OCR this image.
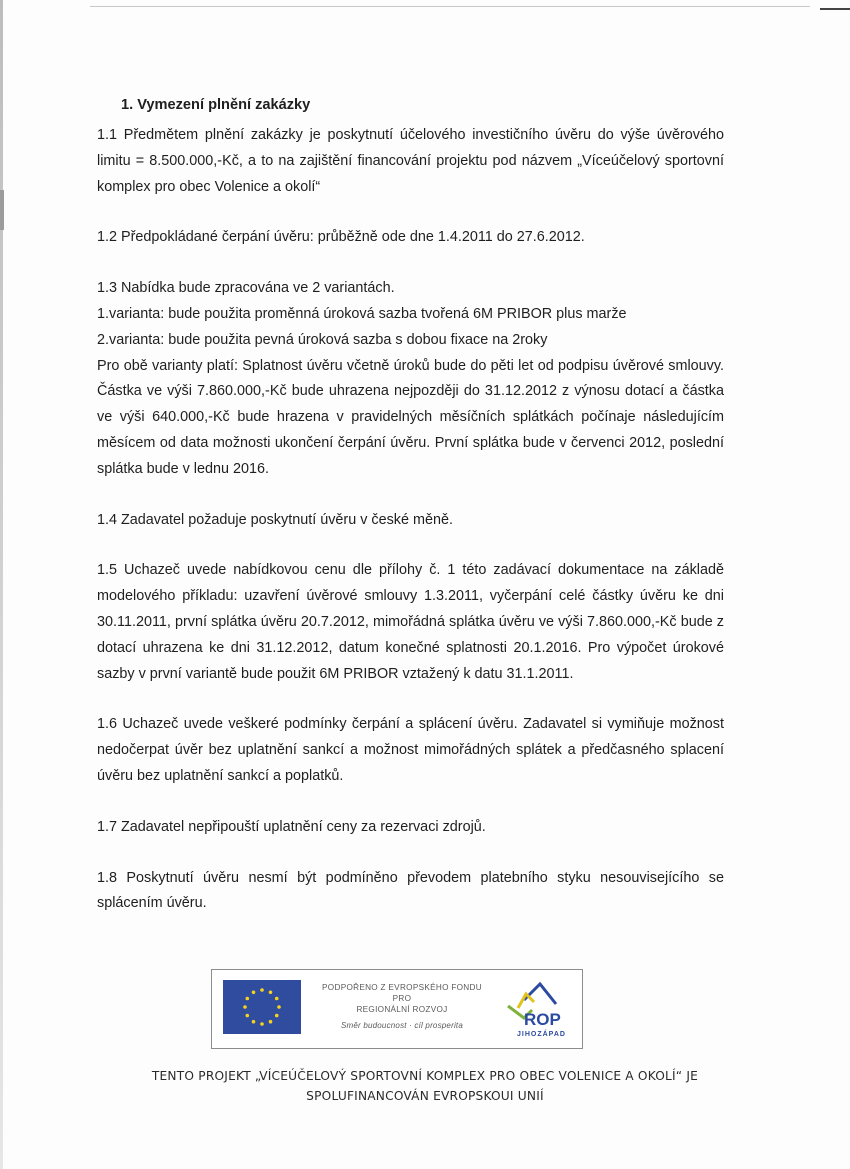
1. Vymezení plnění zakázky

1.1 Předmětem plnění zakázky je poskytnutí účelového investičního úvěru do výše úvěrového limitu = 8.500.000,-Kč, a to na zajištění financování projektu pod názvem „Víceúčelový sportovní komplex pro obec Volenice a okolí“

1.2 Předpokládané čerpání úvěru: průběžně ode dne 1.4.2011 do 27.6.2012.

1.3 Nabídka bude zpracována ve 2 variantách.

1.varianta: bude použita proměnná úroková sazba tvořená 6M PRIBOR plus marže

2.varianta: bude použita pevná úroková sazba s dobou fixace na 2roky

Pro obě varianty platí: Splatnost úvěru včetně úroků bude do pěti let od podpisu úvěrové smlouvy. Částka ve výši 7.860.000,-Kč bude uhrazena nejpozději do 31.12.2012 z výnosu dotací a částka ve výši 640.000,-Kč bude hrazena v pravidelných měsíčních splátkách počínaje následujícím měsícem od data možnosti ukončení čerpání úvěru. První splátka bude v červenci 2012, poslední splátka bude v lednu 2016.

1.4 Zadavatel požaduje poskytnutí úvěru v české měně.

1.5 Uchazeč uvede nabídkovou cenu dle přílohy č. 1 této zadávací dokumentace na základě modelového příkladu: uzavření úvěrové smlouvy 1.3.2011, vyčerpání celé částky úvěru ke dni 30.11.2011, první splátka úvěru 20.7.2012, mimořádná splátka úvěru ve výši 7.860.000,-Kč bude z dotací uhrazena ke dni 31.12.2012, datum konečné splatnosti 20.1.2016. Pro výpočet úrokové sazby v první variantě bude použit 6M PRIBOR vztažený k datu 31.1.2011.

1.6 Uchazeč uvede veškeré podmínky čerpání a splácení úvěru. Zadavatel si vymiňuje možnost nedočerpat úvěr bez uplatnění sankcí a možnost mimořádných splátek a předčasného splacení úvěru bez uplatnění sankcí a poplatků.

1.7 Zadavatel nepřipouští uplatnění ceny za rezervaci zdrojů.

1.8 Poskytnutí úvěru nesmí být podmíněno převodem platebního styku nesouvisejícího se splácením úvěru.

PODPOŘENO Z EVROPSKÉHO FONDU
PRO
REGIONÁLNÍ ROZVOJ
Směr budoucnost · cíl prosperita	ROP
JIHOZÁPAD
TENTO PROJEKT „VÍCEÚČELOVÝ SPORTOVNÍ KOMPLEX PRO OBEC VOLENICE A OKOLÍ“ JE
SPOLUFINANCOVÁN EVROPSKOUI UNIÍ
